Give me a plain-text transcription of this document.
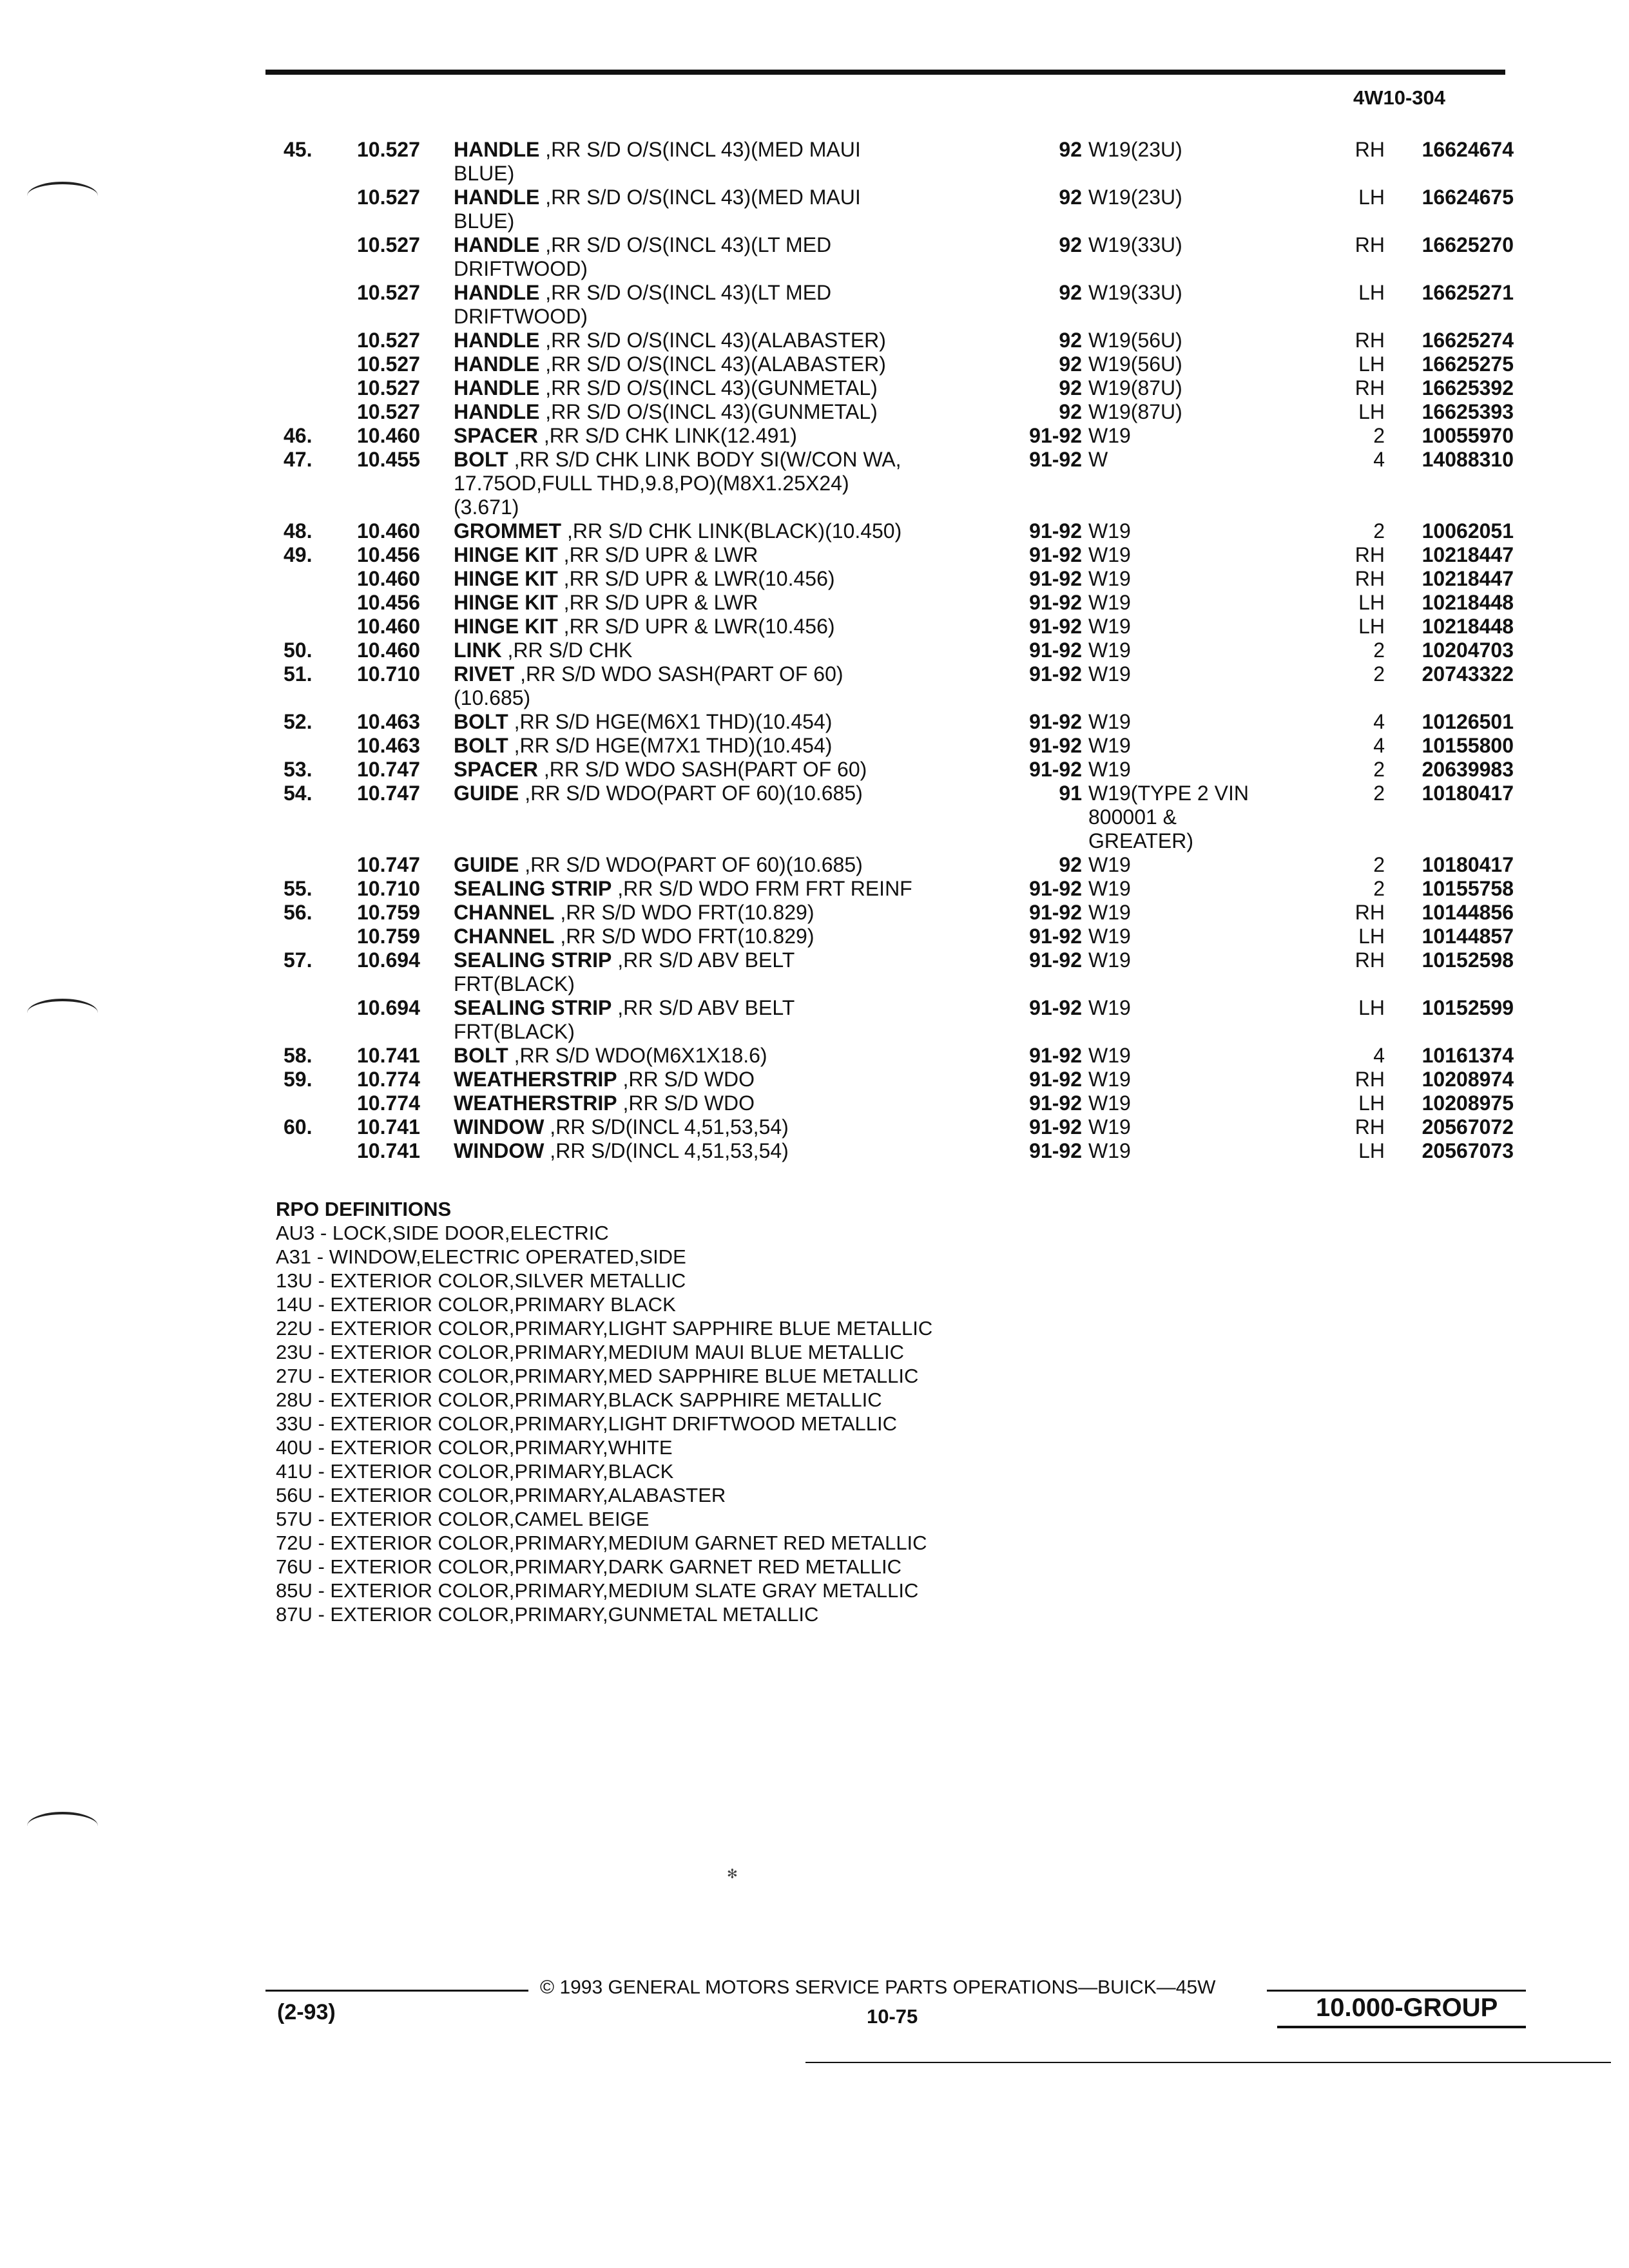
4W10-304
45.	10.527	HANDLE ,RR S/D O/S(INCL 43)(MED MAUI
BLUE)
92 W19(23U)	RH	16624674
10.527	HANDLE ,RR S/D O/S(INCL 43)(MED MAUI
BLUE)
92 W19(23U)	LH	16624675
10.527	HANDLE ,RR S/D O/S(INCL 43)(LT MED
DRIFTWOOD)
92 W19(33U)	RH	16625270
10.527	HANDLE ,RR S/D O/S(INCL 43)(LT MED
DRIFTWOOD)
92 W19(33U)	LH	16625271
10.527	HANDLE ,RR S/D O/S(INCL 43)(ALABASTER)	92 W19(56U)	RH	16625274
10.527	HANDLE ,RR S/D O/S(INCL 43)(ALABASTER)	92 W19(56U)	LH	16625275
10.527	HANDLE ,RR S/D O/S(INCL 43)(GUNMETAL)	92 W19(87U)	RH	16625392
10.527	HANDLE ,RR S/D O/S(INCL 43)(GUNMETAL)	92 W19(87U)	LH	16625393
46.	10.460	SPACER ,RR S/D CHK LINK(12.491)	91-92 W19	2	10055970
47.	10.455	BOLT ,RR S/D CHK LINK BODY SI(W/CON WA,
17.75OD,FULL THD,9.8,PO)(M8X1.25X24)
(3.671)
91-92 W	4	14088310
48.	10.460	GROMMET ,RR S/D CHK LINK(BLACK)(10.450)	91-92 W19	2	10062051
49.	10.456	HINGE KIT ,RR S/D UPR & LWR	91-92 W19	RH	10218447
10.460	HINGE KIT ,RR S/D UPR & LWR(10.456)	91-92 W19	RH	10218447
10.456	HINGE KIT ,RR S/D UPR & LWR	91-92 W19	LH	10218448
10.460	HINGE KIT ,RR S/D UPR & LWR(10.456)	91-92 W19	LH	10218448
50.	10.460	LINK ,RR S/D CHK	91-92 W19	2	10204703
51.	10.710	RIVET ,RR S/D WDO SASH(PART OF 60)
(10.685)
91-92 W19	2	20743322
52.	10.463	BOLT ,RR S/D HGE(M6X1 THD)(10.454)	91-92 W19	4	10126501
10.463	BOLT ,RR S/D HGE(M7X1 THD)(10.454)	91-92 W19	4	10155800
53.	10.747	SPACER ,RR S/D WDO SASH(PART OF 60)	91-92 W19	2	20639983
54.	10.747	GUIDE ,RR S/D WDO(PART OF 60)(10.685)	91 W19(TYPE 2 VIN
800001 &
GREATER)
2	10180417
10.747	GUIDE ,RR S/D WDO(PART OF 60)(10.685)	92 W19	2	10180417
55.	10.710	SEALING STRIP ,RR S/D WDO FRM FRT REINF	91-92 W19	2	10155758
56.	10.759	CHANNEL ,RR S/D WDO FRT(10.829)	91-92 W19	RH	10144856
10.759	CHANNEL ,RR S/D WDO FRT(10.829)	91-92 W19	LH	10144857
57.	10.694	SEALING STRIP ,RR S/D ABV BELT
FRT(BLACK)
91-92 W19	RH	10152598
10.694	SEALING STRIP ,RR S/D ABV BELT
FRT(BLACK)
91-92 W19	LH	10152599
58.	10.741	BOLT ,RR S/D WDO(M6X1X18.6)	91-92 W19	4	10161374
59.	10.774	WEATHERSTRIP ,RR S/D WDO	91-92 W19	RH	10208974
10.774	WEATHERSTRIP ,RR S/D WDO	91-92 W19	LH	10208975
60.	10.741	WINDOW ,RR S/D(INCL 4,51,53,54)	91-92 W19	RH	20567072
10.741	WINDOW ,RR S/D(INCL 4,51,53,54)	91-92 W19	LH	20567073
RPO DEFINITIONS
AU3 - LOCK,SIDE DOOR,ELECTRIC
A31 - WINDOW,ELECTRIC OPERATED,SIDE
13U - EXTERIOR COLOR,SILVER METALLIC
14U - EXTERIOR COLOR,PRIMARY BLACK
22U - EXTERIOR COLOR,PRIMARY,LIGHT SAPPHIRE BLUE METALLIC
23U - EXTERIOR COLOR,PRIMARY,MEDIUM MAUI BLUE METALLIC
27U - EXTERIOR COLOR,PRIMARY,MED SAPPHIRE BLUE METALLIC
28U - EXTERIOR COLOR,PRIMARY,BLACK SAPPHIRE METALLIC
33U - EXTERIOR COLOR,PRIMARY,LIGHT DRIFTWOOD METALLIC
40U - EXTERIOR COLOR,PRIMARY,WHITE
41U - EXTERIOR COLOR,PRIMARY,BLACK
56U - EXTERIOR COLOR,PRIMARY,ALABASTER
57U - EXTERIOR COLOR,CAMEL BEIGE
72U - EXTERIOR COLOR,PRIMARY,MEDIUM GARNET RED METALLIC
76U - EXTERIOR COLOR,PRIMARY,DARK GARNET RED METALLIC
85U - EXTERIOR COLOR,PRIMARY,MEDIUM SLATE GRAY METALLIC
87U - EXTERIOR COLOR,PRIMARY,GUNMETAL METALLIC
✻
(2-93)
© 1993 GENERAL MOTORS SERVICE PARTS OPERATIONS—BUICK—45W
10-75	10.000-GROUP
